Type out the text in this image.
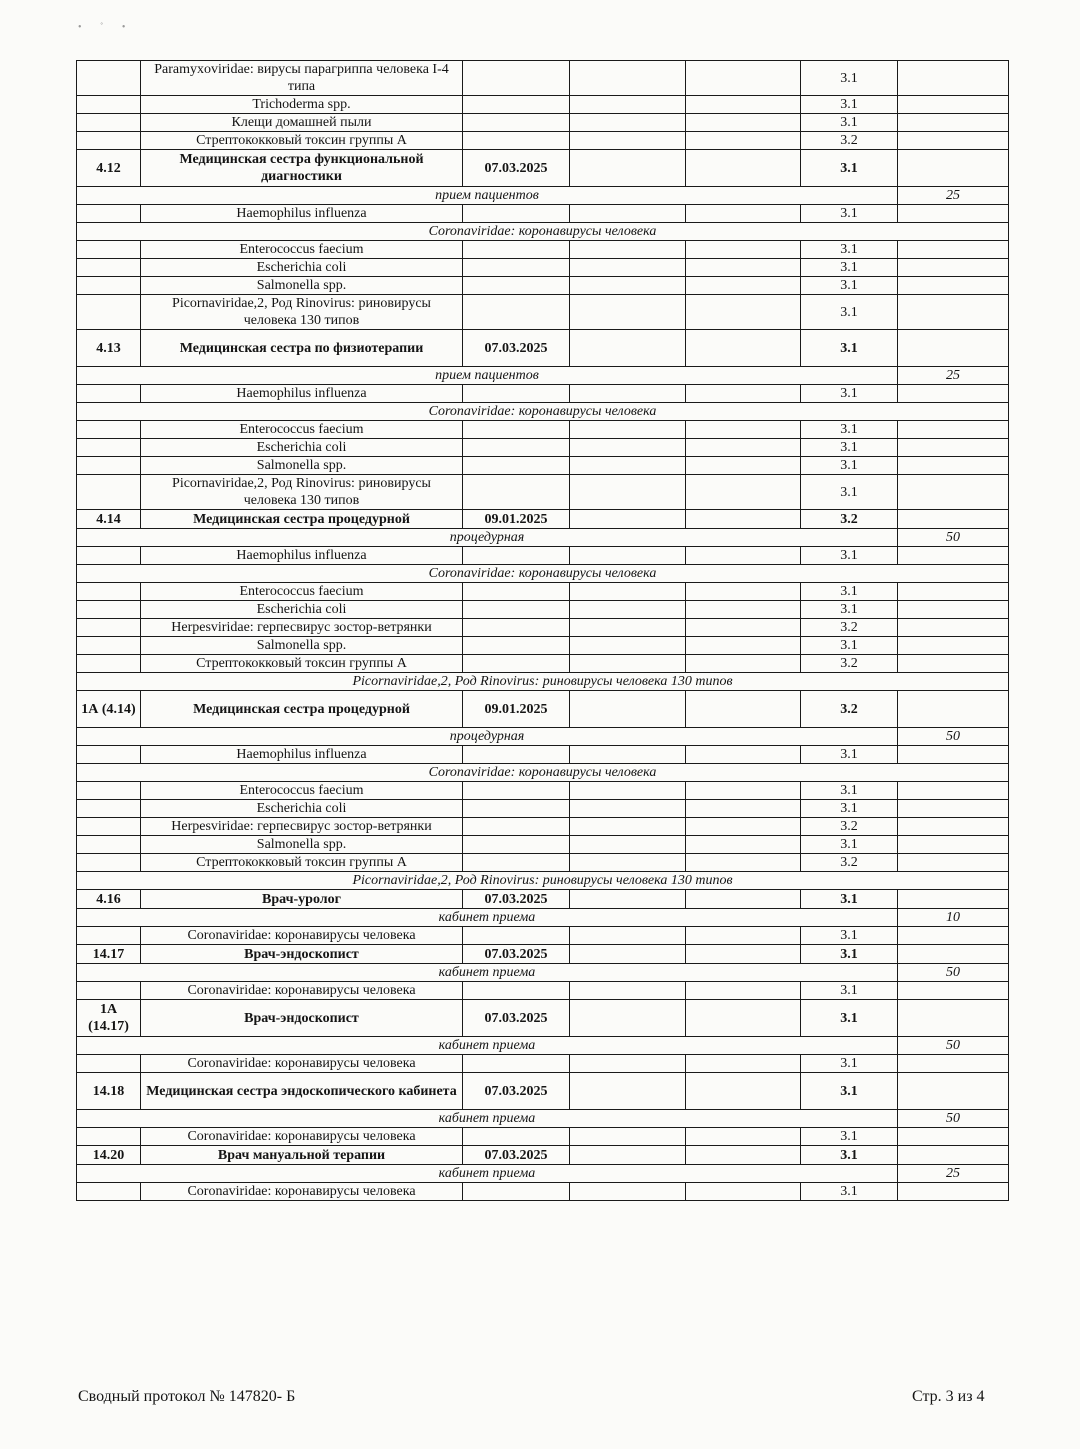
• ˚ •
	Paramyxoviridae: вирусы парагриппа человека I-4 типа				3.1	
	Trichoderma spp.				3.1	
	Клещи домашней пыли				3.1	
	Стрептококковый токсин группы А				3.2	
4.12	Медицинская сестра функциональной диагностики	07.03.2025			3.1	
прием пациентов						25
	Haemophilus influenza				3.1	
Coronaviridae: коронавирусы человека						
	Enterococcus faecium				3.1	
	Escherichia coli				3.1	
	Salmonella spp.				3.1	
	Picornaviridae,2, Род Rinovirus: риновирусы человека 130 типов				3.1	
4.13	Медицинская сестра по физиотерапии	07.03.2025			3.1	
прием пациентов						25
	Haemophilus influenza				3.1	
Coronaviridae: коронавирусы человека						
	Enterococcus faecium				3.1	
	Escherichia coli				3.1	
	Salmonella spp.				3.1	
	Picornaviridae,2, Род Rinovirus: риновирусы человека 130 типов				3.1	
4.14	Медицинская сестра процедурной	09.01.2025			3.2	
процедурная						50
	Haemophilus influenza				3.1	
Coronaviridae: коронавирусы человека						
	Enterococcus faecium				3.1	
	Escherichia coli				3.1	
	Herpesviridae: герпесвирус зостор-ветрянки				3.2	
	Salmonella spp.				3.1	
	Стрептококковый токсин группы А				3.2	
Picornaviridae,2, Род Rinovirus: риновирусы человека 130 типов						
1А (4.14)	Медицинская сестра процедурной	09.01.2025			3.2	
процедурная						50
	Haemophilus influenza				3.1	
Coronaviridae: коронавирусы человека						
	Enterococcus faecium				3.1	
	Escherichia coli				3.1	
	Herpesviridae: герпесвирус зостор-ветрянки				3.2	
	Salmonella spp.				3.1	
	Стрептококковый токсин группы А				3.2	
Picornaviridae,2, Род Rinovirus: риновирусы человека 130 типов						
4.16	Врач-уролог	07.03.2025			3.1	
кабинет приема						10
	Coronaviridae: коронавирусы человека				3.1	
14.17	Врач-эндоскопист	07.03.2025			3.1	
кабинет приема						50
	Coronaviridae: коронавирусы человека				3.1	
1А (14.17)	Врач-эндоскопист	07.03.2025			3.1	
кабинет приема						50
	Coronaviridae: коронавирусы человека				3.1	
14.18	Медицинская сестра эндоскопического кабинета	07.03.2025			3.1	
кабинет приема						50
	Coronaviridae: коронавирусы человека				3.1	
14.20	Врач мануальной терапии	07.03.2025			3.1	
кабинет приема						25
	Coronaviridae: коронавирусы человека				3.1	
Сводный протокол № 147820- Б	Стр. 3 из 4
